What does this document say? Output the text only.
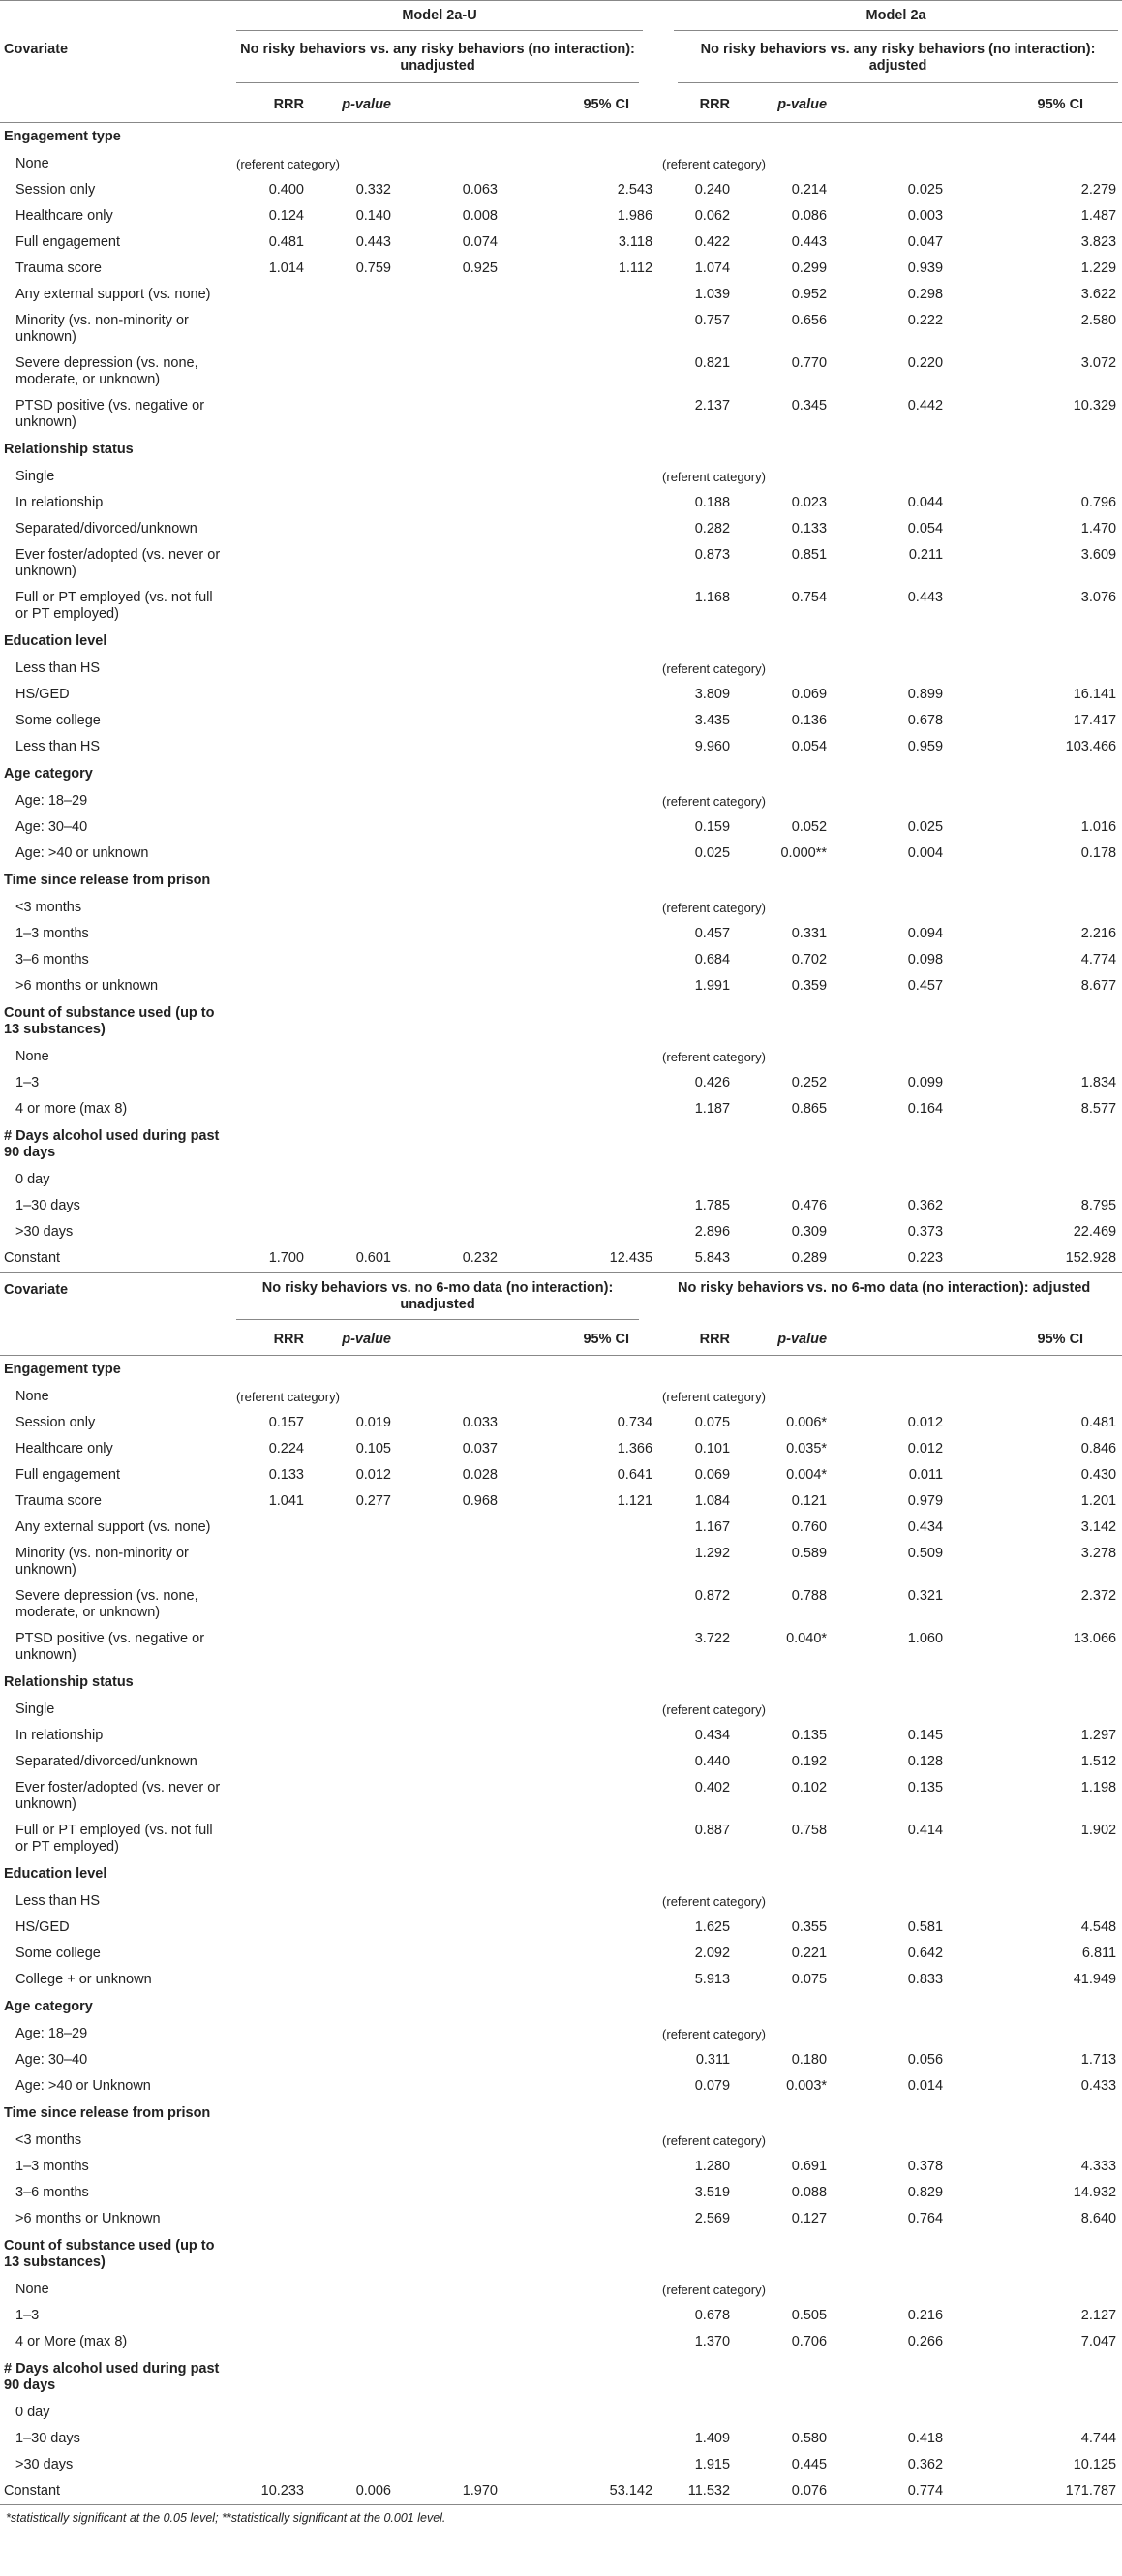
	Model 2a-U				Model 2a			

Covariate	No risky behaviors vs. any risky behaviors (no interaction): unadjusted				No risky behaviors vs. any risky behaviors (no interaction): adjusted			

	RRR	p-value	95% CI		RRR	p-value	95% CI	
Engagement type								
None	(referent category)				(referent category)			
Session only	0.400	0.332	0.063	2.543	0.240	0.214	0.025	2.279
Healthcare only	0.124	0.140	0.008	1.986	0.062	0.086	0.003	1.487
Full engagement	0.481	0.443	0.074	3.118	0.422	0.443	0.047	3.823
Trauma score	1.014	0.759	0.925	1.112	1.074	0.299	0.939	1.229
Any external support (vs. none)					1.039	0.952	0.298	3.622
Minority (vs. non-minority or unknown)					0.757	0.656	0.222	2.580
Severe depression (vs. none, moderate, or unknown)					0.821	0.770	0.220	3.072
PTSD positive (vs. negative or unknown)					2.137	0.345	0.442	10.329
Relationship status								
Single					(referent category)			
In relationship					0.188	0.023	0.044	0.796
Separated/divorced/unknown					0.282	0.133	0.054	1.470
Ever foster/adopted (vs. never or unknown)					0.873	0.851	0.211	3.609
Full or PT employed (vs. not full or PT employed)					1.168	0.754	0.443	3.076
Education level								
Less than HS					(referent category)			
HS/GED					3.809	0.069	0.899	16.141
Some college					3.435	0.136	0.678	17.417
Less than HS					9.960	0.054	0.959	103.466
Age category								
Age: 18–29					(referent category)			
Age: 30–40					0.159	0.052	0.025	1.016
Age: >40 or unknown					0.025	0.000**	0.004	0.178
Time since release from prison								
<3 months					(referent category)			
1–3 months					0.457	0.331	0.094	2.216
3–6 months					0.684	0.702	0.098	4.774
>6 months or unknown					1.991	0.359	0.457	8.677
Count of substance used (up to 13 substances)								
None					(referent category)			
1–3					0.426	0.252	0.099	1.834
4 or more (max 8)					1.187	0.865	0.164	8.577
# Days alcohol used during past 90 days								
0 day								
1–30 days					1.785	0.476	0.362	8.795
>30 days					2.896	0.309	0.373	22.469
Constant	1.700	0.601	0.232	12.435	5.843	0.289	0.223	152.928
Covariate	No risky behaviors vs. no 6-mo data (no interaction): unadjusted				No risky behaviors vs. no 6-mo data (no interaction): adjusted			

	RRR	p-value	95% CI		RRR	p-value	95% CI	
Engagement type								
None	(referent category)				(referent category)			
Session only	0.157	0.019	0.033	0.734	0.075	0.006*	0.012	0.481
Healthcare only	0.224	0.105	0.037	1.366	0.101	0.035*	0.012	0.846
Full engagement	0.133	0.012	0.028	0.641	0.069	0.004*	0.011	0.430
Trauma score	1.041	0.277	0.968	1.121	1.084	0.121	0.979	1.201
Any external support (vs. none)					1.167	0.760	0.434	3.142
Minority (vs. non-minority or unknown)					1.292	0.589	0.509	3.278
Severe depression (vs. none, moderate, or unknown)					0.872	0.788	0.321	2.372
PTSD positive (vs. negative or unknown)					3.722	0.040*	1.060	13.066
Relationship status								
Single					(referent category)			
In relationship					0.434	0.135	0.145	1.297
Separated/divorced/unknown					0.440	0.192	0.128	1.512
Ever foster/adopted (vs. never or unknown)					0.402	0.102	0.135	1.198
Full or PT employed (vs. not full or PT employed)					0.887	0.758	0.414	1.902
Education level								
Less than HS					(referent category)			
HS/GED					1.625	0.355	0.581	4.548
Some college					2.092	0.221	0.642	6.811
College + or unknown					5.913	0.075	0.833	41.949
Age category								
Age: 18–29					(referent category)			
Age: 30–40					0.311	0.180	0.056	1.713
Age: >40 or Unknown					0.079	0.003*	0.014	0.433
Time since release from prison								
<3 months					(referent category)			
1–3 months					1.280	0.691	0.378	4.333
3–6 months					3.519	0.088	0.829	14.932
>6 months or Unknown					2.569	0.127	0.764	8.640
Count of substance used (up to 13 substances)								
None					(referent category)			
1–3					0.678	0.505	0.216	2.127
4 or More (max 8)					1.370	0.706	0.266	7.047
# Days alcohol used during past 90 days								
0 day								
1–30 days					1.409	0.580	0.418	4.744
>30 days					1.915	0.445	0.362	10.125
Constant	10.233	0.006	1.970	53.142	11.532	0.076	0.774	171.787
*statistically significant at the 0.05 level; **statistically significant at the 0.001 level.
